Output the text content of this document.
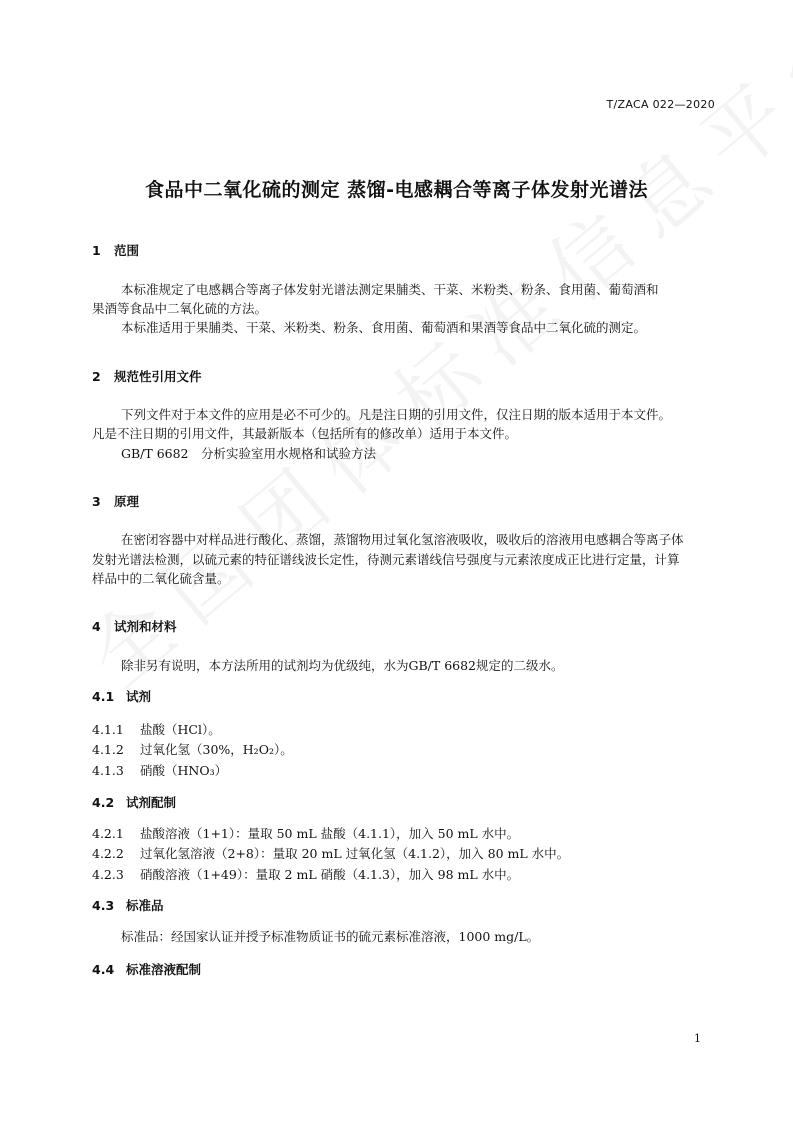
T/ZACA 022—2020
食品中二氧化硫的测定 蒸馏-电感耦合等离子体发射光谱法
1 范围
本标准规定了电感耦合等离子体发射光谱法测定果脯类、干菜、米粉类、粉条、食用菌、葡萄酒和
果酒等食品中二氧化硫的方法。
本标准适用于果脯类、干菜、米粉类、粉条、食用菌、葡萄酒和果酒等食品中二氧化硫的测定。
2 规范性引用文件
下列文件对于本文件的应用是必不可少的。凡是注日期的引用文件，仅注日期的版本适用于本文件。
凡是不注日期的引用文件，其最新版本（包括所有的修改单）适用于本文件。
GB/T 6682　分析实验室用水规格和试验方法
3 原理
在密闭容器中对样品进行酸化、蒸馏，蒸馏物用过氧化氢溶液吸收，吸收后的溶液用电感耦合等离子体
发射光谱法检测，以硫元素的特征谱线波长定性，待测元素谱线信号强度与元素浓度成正比进行定量，计算
样品中的二氧化硫含量。
4 试剂和材料
除非另有说明，本方法所用的试剂均为优级纯，水为GB/T 6682规定的二级水。
4.1 试剂
4.1.1 盐酸（HCl）。
4.1.2 过氧化氢（30%，H₂O₂）。
4.1.3 硝酸（HNO₃）
4.2 试剂配制
4.2.1 盐酸溶液（1+1）：量取 50 mL 盐酸（4.1.1），加入 50 mL 水中。
4.2.2 过氧化氢溶液（2+8）：量取 20 mL 过氧化氢（4.1.2），加入 80 mL 水中。
4.2.3 硝酸溶液（1+49）：量取 2 mL 硝酸（4.1.3），加入 98 mL 水中。
4.3 标准品
标准品：经国家认证并授予标准物质证书的硫元素标准溶液，1000 mg/L。
4.4 标准溶液配制
1
